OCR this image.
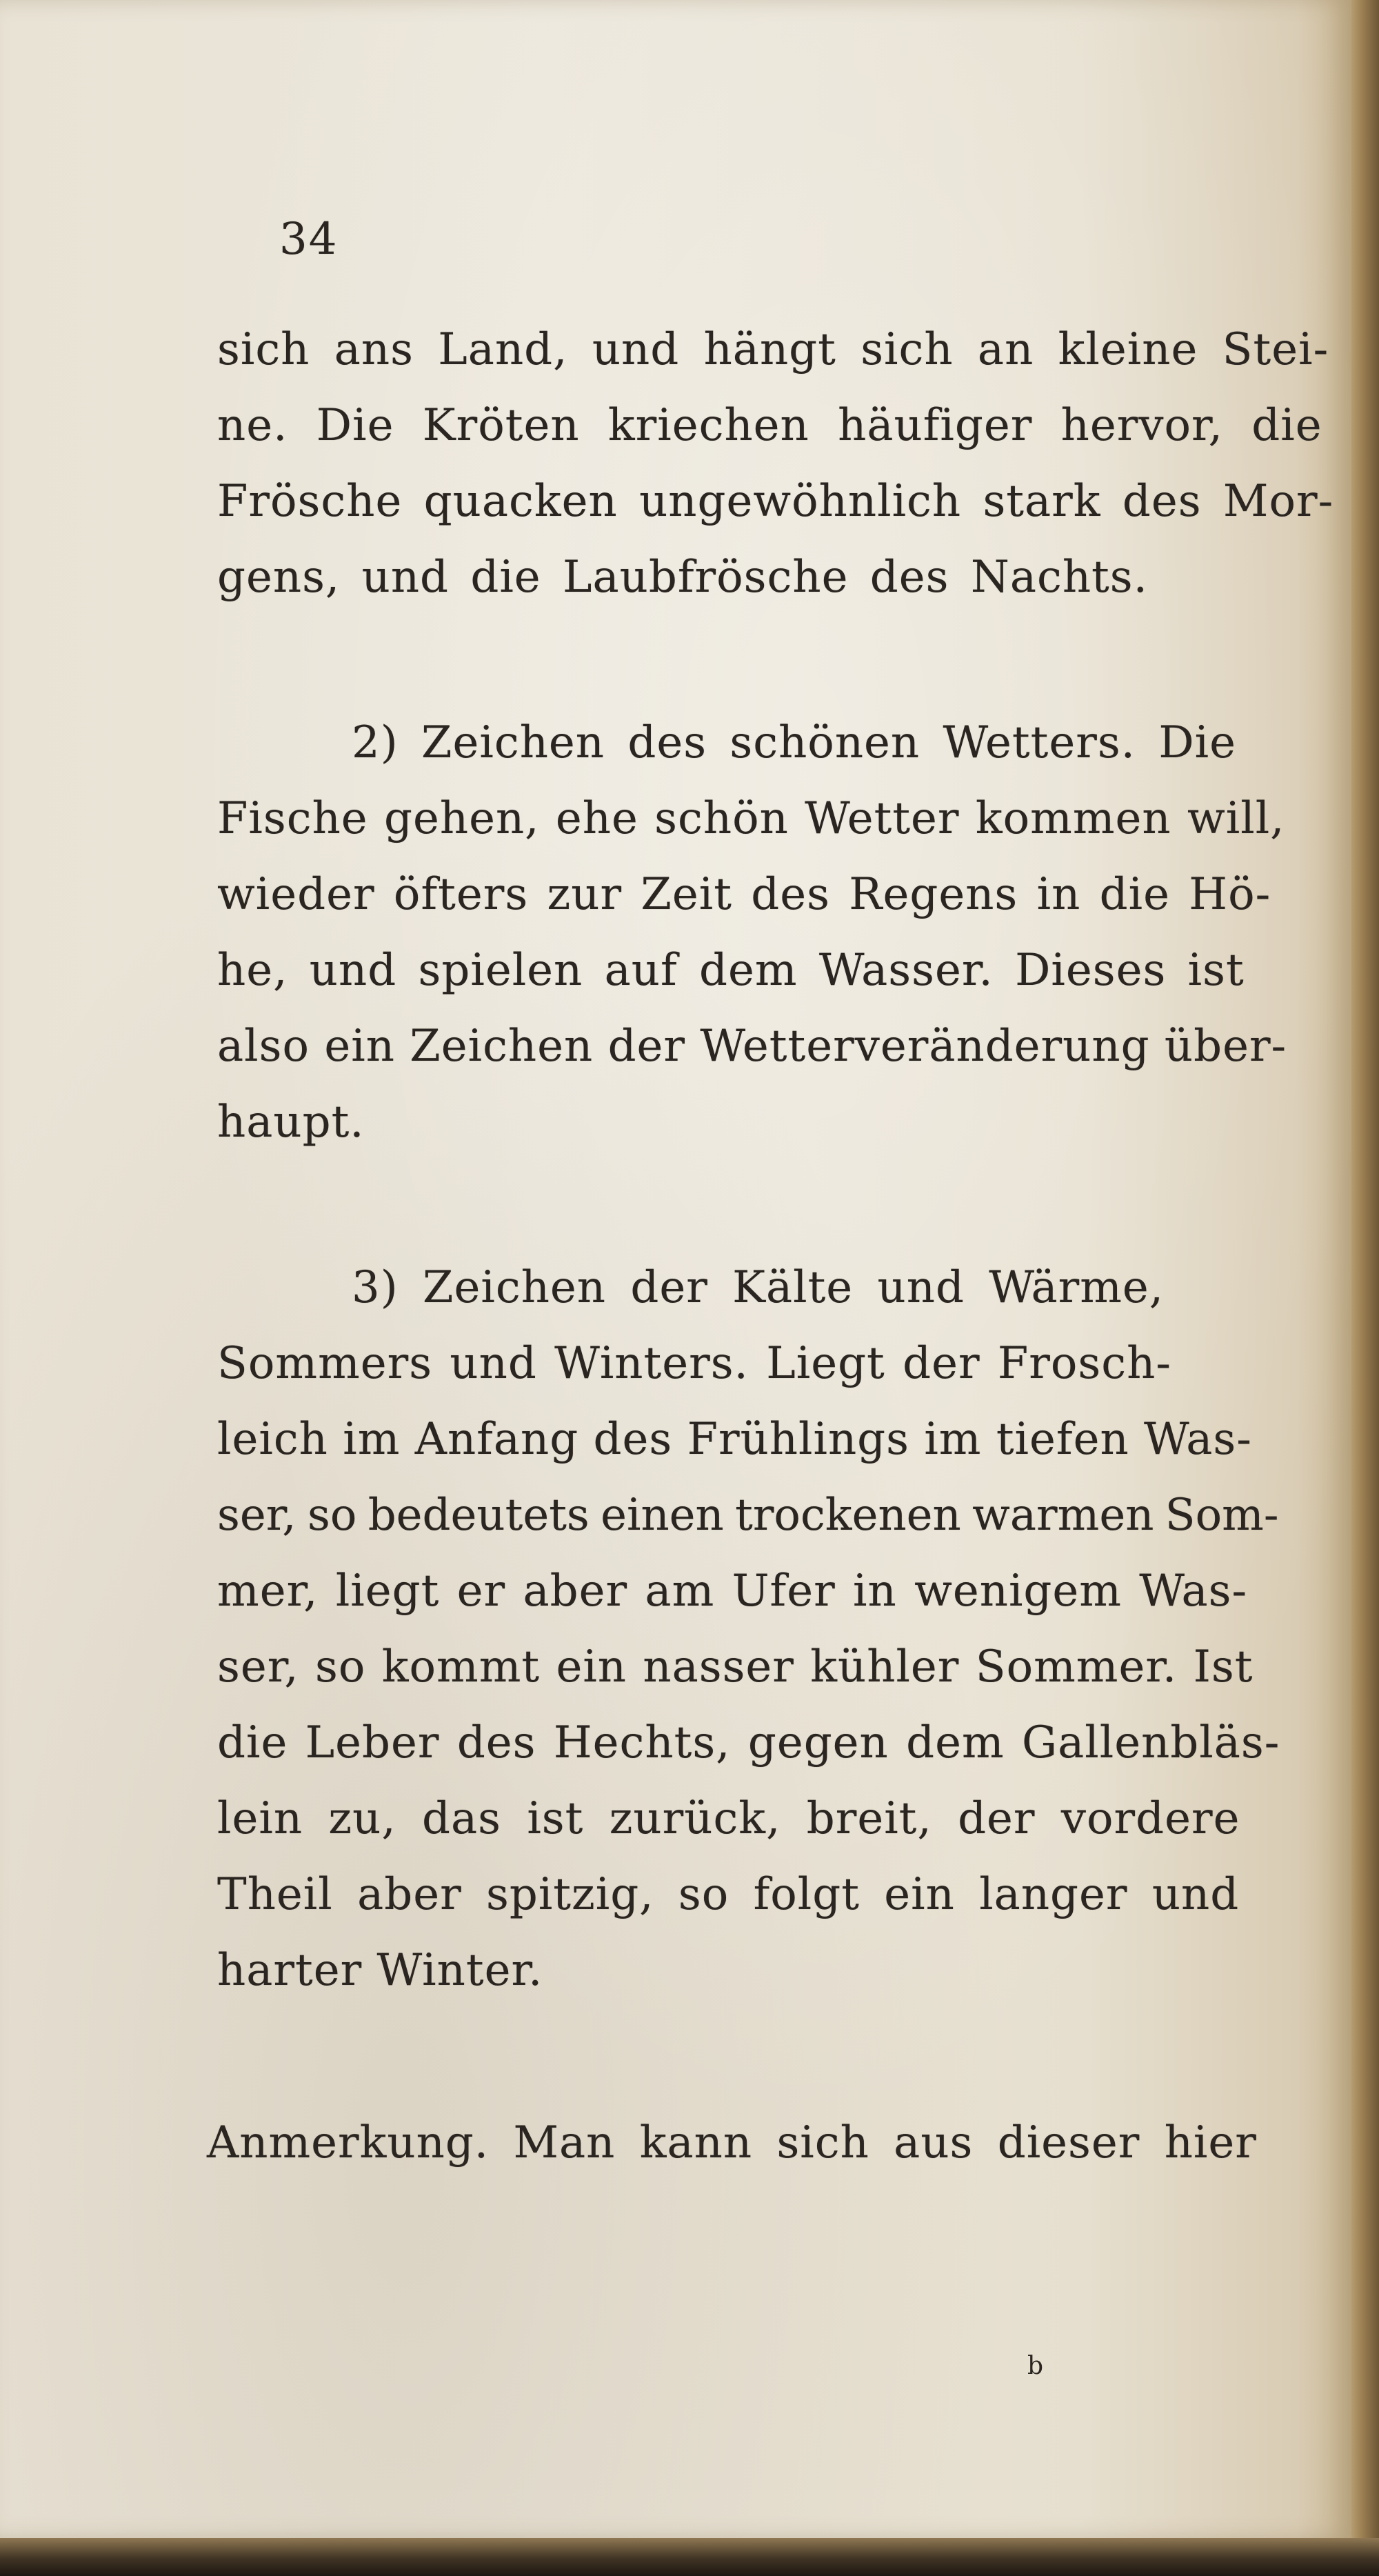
34
sich ans Land, und hängt sich an kleine Stei-
ne. Die Kröten kriechen häufiger hervor, die
Frösche quacken ungewöhnlich stark des Mor-
gens, und die Laubfrösche des Nachts.
2) Zeichen des schönen Wetters. Die
Fische gehen, ehe schön Wetter kommen will,
wieder öfters zur Zeit des Regens in die Hö-
he, und spielen auf dem Wasser. Dieses ist
also ein Zeichen der Wetterveränderung über-
haupt.
3) Zeichen der Kälte und Wärme,
Sommers und Winters. Liegt der Frosch-
leich im Anfang des Frühlings im tiefen Was-
ser, so bedeutets einen trockenen warmen Som-
mer, liegt er aber am Ufer in wenigem Was-
ser, so kommt ein nasser kühler Sommer. Ist
die Leber des Hechts, gegen dem Gallenbläs-
lein zu, das ist zurück, breit, der vordere
Theil aber spitzig, so folgt ein langer und
harter Winter.
Anmerkung. Man kann sich aus dieser hier
b
